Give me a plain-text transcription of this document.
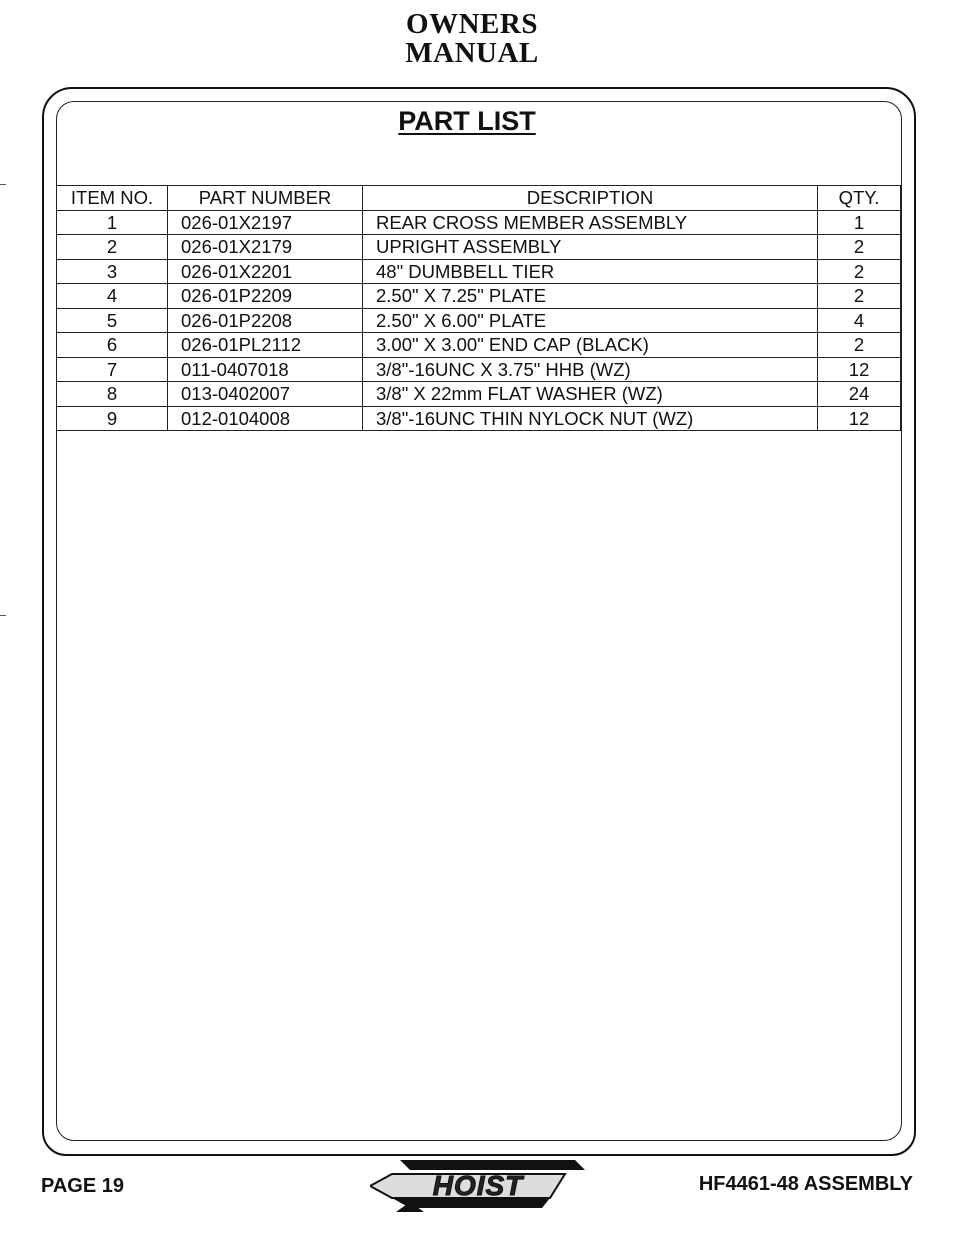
OWNERS
MANUAL
PART LIST
ITEM NO.	PART NUMBER	DESCRIPTION	QTY.
1	026-01X2197	REAR CROSS MEMBER ASSEMBLY	1
2	026-01X2179	UPRIGHT ASSEMBLY	2
3	026-01X2201	48" DUMBBELL TIER	2
4	026-01P2209	2.50" X 7.25" PLATE	2
5	026-01P2208	2.50" X 6.00" PLATE	4
6	026-01PL2112	3.00" X 3.00" END CAP (BLACK)	2
7	011-0407018	3/8"-16UNC X 3.75" HHB (WZ)	12
8	013-0402007	3/8" X 22mm FLAT WASHER (WZ)	24
9	012-0104008	3/8"-16UNC THIN NYLOCK NUT (WZ)	12
PAGE 19	HOIST	HF4461-48 ASSEMBLY
